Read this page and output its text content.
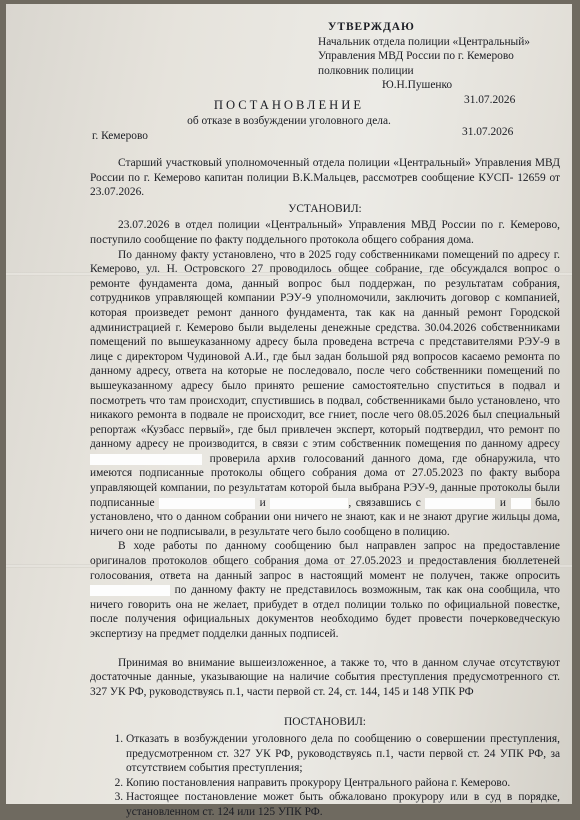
УТВЕРЖДАЮ
Начальник отдела полиции «Центральный»
Управления МВД России по г. Кемерово
полковник полиции
Ю.Н.Пушенко
31.07.2026
ПОСТАНОВЛЕНИЕ
об отказе в возбуждении уголовного дела.
31.07.2026
г. Кемерово

Старший участковый уполномоченный отдела полиции «Центральный» Управления МВД России по г. Кемерово капитан полиции В.К.Мальцев, рассмотрев сообщение КУСП- 12659 от 23.07.2026.

УСТАНОВИЛ:

23.07.2026 в отдел полиции «Центральный» Управления МВД России по г. Кемерово, поступило сообщение по факту поддельного протокола общего собрания дома.

По данному факту установлено, что в 2025 году собственниками помещений по адресу г. Кемерово, ул. Н. Островского 27 проводилось общее собрание, где обсуждался вопрос о ремонте фундамента дома, данный вопрос был поддержан, по результатам собрания, сотрудников управляющей компании РЭУ-9 уполномочили, заключить договор с компанией, которая произведет ремонт данного фундамента, так как на данный ремонт Городской администрацией г. Кемерово были выделены денежные средства. 30.04.2026 собственниками помещений по вышеуказанному адресу была проведена встреча с представителями РЭУ-9 в лице с директором Чудиновой А.И., где был задан большой ряд вопросов касаемо ремонта по данному адресу, ответа на которые не последовало, после чего собственники помещений по вышеуказанному адресу было принято решение самостоятельно спуститься в подвал и посмотреть что там происходит, спустившись в подвал, собственниками было установлено, что никакого ремонта в подвале не происходит, все гниет, после чего 08.05.2026 был специальный репортаж «Кузбасс первый», где был привлечен эксперт, который подтвердил, что ремонт по данному адресу не производится, в связи с этим собственник помещения по данному адресу  проверила архив голосований данного дома, где обнаружила, что имеются подписанные протоколы общего собрания дома от 27.05.2023 по факту выбора управляющей компании, по результатам которой была выбрана РЭУ-9, данные протоколы были подписанные	и	, связавшись с	и	было установлено, что о данном собрании они ничего не знают, как и не знают другие жильцы дома, ничего они не подписывали, в результате чего было сообщено в полицию.

В ходе работы по данному сообщению был направлен запрос на предоставление оригиналов протоколов общего собрания дома от 27.05.2023 и предоставления бюллетеней голосования, ответа на данный запрос в настоящий момент не получен, также опросить  по данному факту не представилось возможным, так как она сообщила, что ничего говорить она не желает, прибудет в отдел полиции только по официальной повестке, после получения официальных документов необходимо будет провести почерковедческую экспертизу на предмет подделки данных подписей.

Принимая во внимание вышеизложенное, а также то, что в данном случае отсутствуют достаточные данные, указывающие на наличие события преступления предусмотренного ст. 327 УК РФ, руководствуясь п.1, части первой ст. 24, ст. 144, 145 и 148 УПК РФ

ПОСТАНОВИЛ:

1. Отказать в возбуждении уголовного дела по сообщению о совершении преступления, предусмотренном ст. 327 УК РФ, руководствуясь п.1, части первой ст. 24 УПК РФ, за отсутствием события преступления;
2. Копию постановления направить прокурору Центрального района г. Кемерово.
3. Настоящее постановление может быть обжаловано прокурору или в суд в порядке, установленном ст. 124 или 125 УПК РФ.
